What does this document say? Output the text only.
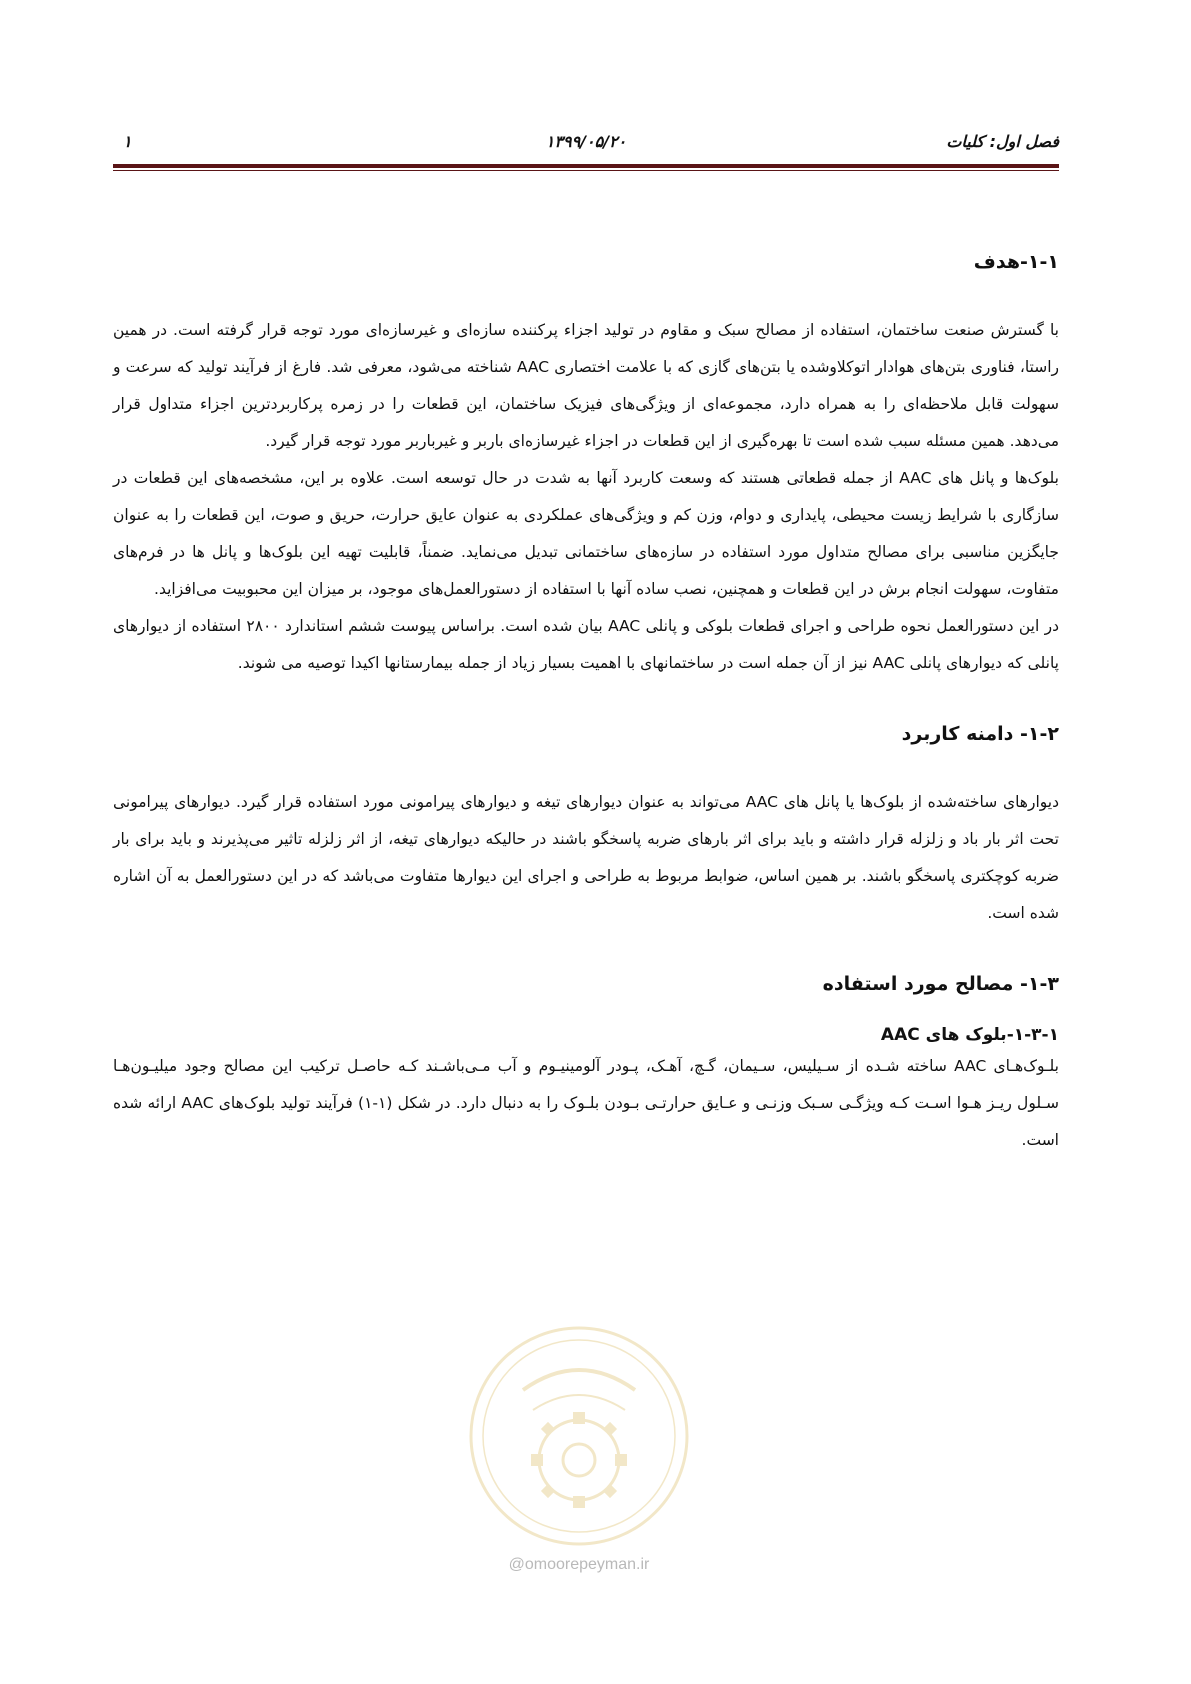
فصل اول: کلیات
۱۳۹۹/۰۵/۲۰
۱
@omoorepeyman.ir
۱-۱-هدف

با گسترش صنعت ساختمان، استفاده از مصالح سبک و مقاوم در تولید اجزاء پرکننده سازه‌ای و غیرسازه‌ای مورد توجه قرار گرفته است. در همین راستا، فناوری بتن‌های هوادار اتوکلاوشده یا بتن‌های گازی که با علامت اختصاری AAC شناخته می‌شود، معرفی شد. فارغ از فرآیند تولید که سرعت و سهولت قابل ملاحظه‌ای را به همراه دارد، مجموعه‌ای از ویژگی‌های فیزیک ساختمان، این قطعات را در زمره پرکاربردترین اجزاء متداول قرار می‌دهد. همین مسئله سبب شده است تا بهره‌گیری از این قطعات در اجزاء غیرسازه‌ای باربر و غیرباربر مورد توجه قرار گیرد.

بلوک‌ها و پانل های AAC از جمله قطعاتی هستند که وسعت کاربرد آنها به شدت در حال توسعه است. علاوه بر این، مشخصه‌های این قطعات در سازگاری با شرایط زیست محیطی، پایداری و دوام، وزن کم و ویژگی‌های عملکردی به عنوان عایق حرارت، حریق و صوت، این قطعات را به عنوان جایگزین مناسبی برای مصالح متداول مورد استفاده در سازه‌های ساختمانی تبدیل می‌نماید. ضمناً، قابلیت تهیه این بلوک‌ها و پانل ها در فرم‌های متفاوت، سهولت انجام برش در این قطعات و همچنین، نصب ساده آنها با استفاده از دستورالعمل‌های موجود، بر میزان این محبوبیت می‌افزاید.

در این دستورالعمل نحوه طراحی و اجرای قطعات بلوکی و پانلی AAC بیان شده است. براساس پیوست ششم استاندارد ۲۸۰۰ استفاده از دیوارهای پانلی که دیوارهای پانلی AAC نیز از آن جمله است در ساختمانهای با اهمیت بسیار زیاد از جمله بیمارستانها اکیدا توصیه می شوند.

۱-۲- دامنه کاربرد

دیوارهای ساخته‌شده از بلوک‌ها یا پانل های AAC می‌تواند به عنوان دیوارهای تیغه و دیوارهای پیرامونی مورد استفاده قرار گیرد. دیوارهای پیرامونی تحت اثر بار باد و زلزله قرار داشته و باید برای اثر بارهای ضربه پاسخگو باشند در حالیکه دیوارهای تیغه، از اثر زلزله تاثیر می‌پذیرند و باید برای بار ضربه کوچکتری پاسخگو باشند. بر همین اساس، ضوابط مربوط به طراحی و اجرای این دیوارها متفاوت می‌باشد که در این دستورالعمل به آن اشاره شده است.

۱-۳- مصالح مورد استفاده
۱-۳-۱-بلوک های AAC

بلـوک‌هـای AAC ساخته شـده از سـیلیس، سـیمان، گـچ، آهـک، پـودر آلومینیـوم و آب مـی‌باشـند کـه حاصـل ترکیب این مصالح وجود میلیـون‌هـا سـلول ریـز هـوا اسـت کـه ویژگـی سـبک وزنـی و عـایق حرارتـی بـودن بلـوک را به دنبال دارد. در شکل (۱-۱) فرآیند تولید بلوک‌های AAC ارائه شده است.
